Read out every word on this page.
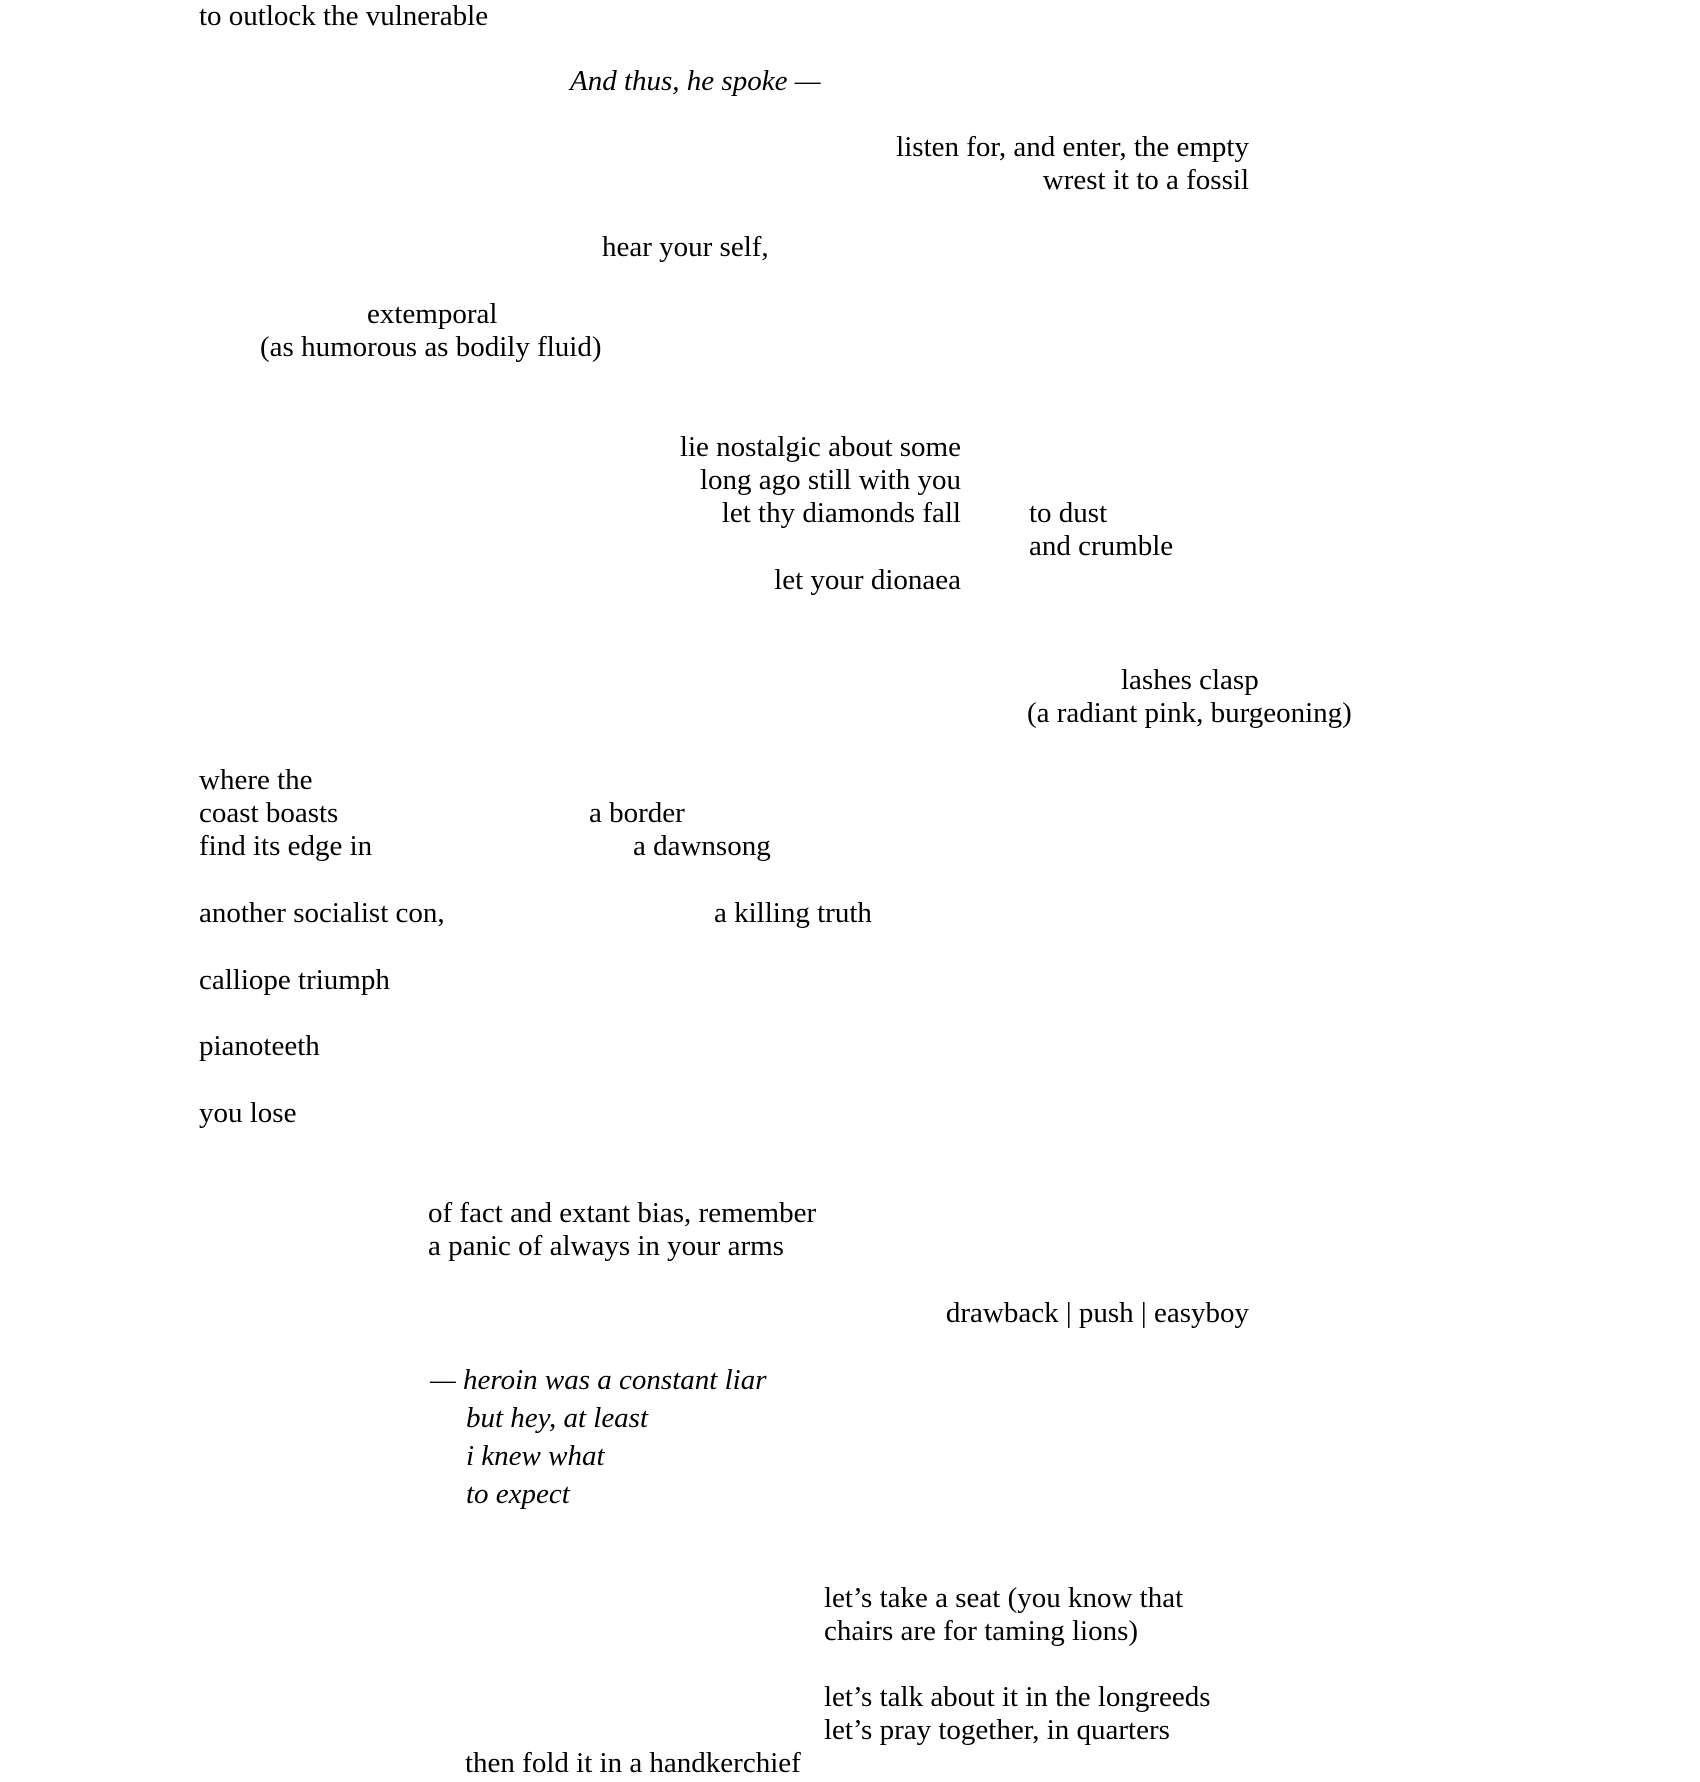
to outlock the vulnerable
And thus, he spoke —
listen for, and enter, the empty
wrest it to a fossil
hear your self,
extemporal
(as humorous as bodily fluid)
lie nostalgic about some
long ago still with you
let thy diamonds fall to dust
and crumble
let your dionaea
lashes clasp
(a radiant pink, burgeoning)
where the
coast boasts	a border
find its edge in	a dawnsong
another socialist con,	a killing truth
calliope triumph
pianoteeth
you lose
of fact and extant bias, remember
a panic of always in your arms
drawback | push | easyboy
— heroin was a constant liar
but hey, at least
i knew what
to expect
let’s take a seat (you know that
chairs are for taming lions)
let’s talk about it in the longreeds
let’s pray together, in quarters
then fold it in a handkerchief
